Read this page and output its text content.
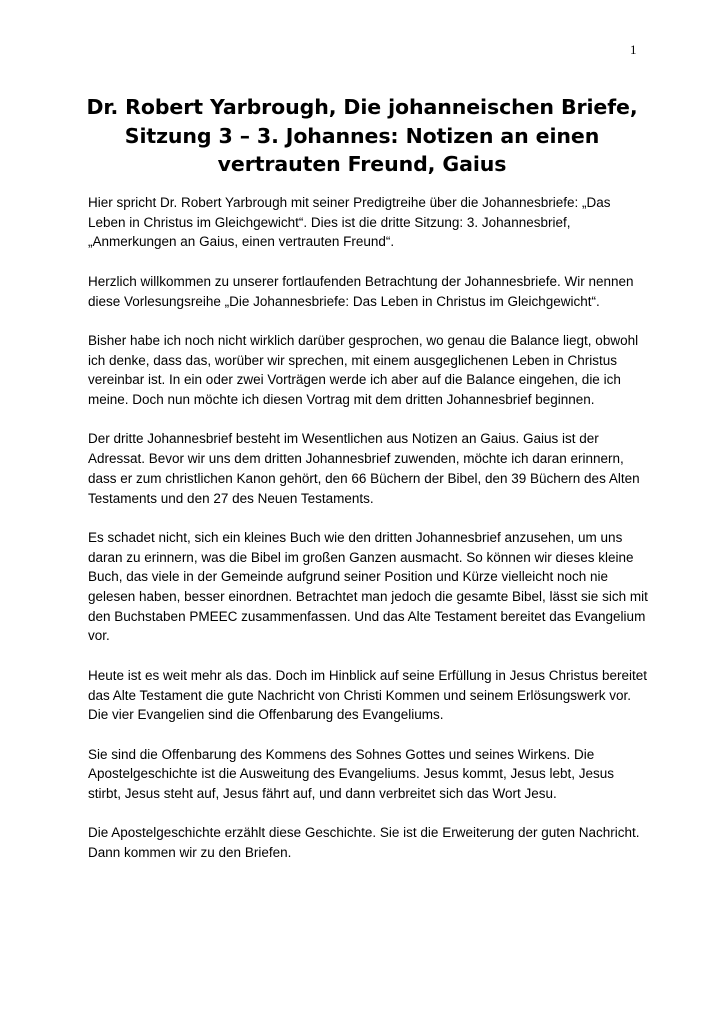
1
Dr. Robert Yarbrough, Die johanneischen Briefe, Sitzung 3 – 3. Johannes: Notizen an einen vertrauten Freund, Gaius

Hier spricht Dr. Robert Yarbrough mit seiner Predigtreihe über die Johannesbriefe: „Das Leben in Christus im Gleichgewicht“. Dies ist die dritte Sitzung: 3. Johannesbrief, „Anmerkungen an Gaius, einen vertrauten Freund“.

Herzlich willkommen zu unserer fortlaufenden Betrachtung der Johannesbriefe. Wir nennen diese Vorlesungsreihe „Die Johannesbriefe: Das Leben in Christus im Gleichgewicht“.

Bisher habe ich noch nicht wirklich darüber gesprochen, wo genau die Balance liegt, obwohl ich denke, dass das, worüber wir sprechen, mit einem ausgeglichenen Leben in Christus vereinbar ist. In ein oder zwei Vorträgen werde ich aber auf die Balance eingehen, die ich meine. Doch nun möchte ich diesen Vortrag mit dem dritten Johannesbrief beginnen.

Der dritte Johannesbrief besteht im Wesentlichen aus Notizen an Gaius. Gaius ist der Adressat. Bevor wir uns dem dritten Johannesbrief zuwenden, möchte ich daran erinnern, dass er zum christlichen Kanon gehört, den 66 Büchern der Bibel, den 39 Büchern des Alten Testaments und den 27 des Neuen Testaments.

Es schadet nicht, sich ein kleines Buch wie den dritten Johannesbrief anzusehen, um uns daran zu erinnern, was die Bibel im großen Ganzen ausmacht. So können wir dieses kleine Buch, das viele in der Gemeinde aufgrund seiner Position und Kürze vielleicht noch nie gelesen haben, besser einordnen. Betrachtet man jedoch die gesamte Bibel, lässt sie sich mit den Buchstaben PMEEC zusammenfassen. Und das Alte Testament bereitet das Evangelium vor.

Heute ist es weit mehr als das. Doch im Hinblick auf seine Erfüllung in Jesus Christus bereitet das Alte Testament die gute Nachricht von Christi Kommen und seinem Erlösungswerk vor. Die vier Evangelien sind die Offenbarung des Evangeliums.

Sie sind die Offenbarung des Kommens des Sohnes Gottes und seines Wirkens. Die Apostelgeschichte ist die Ausweitung des Evangeliums. Jesus kommt, Jesus lebt, Jesus stirbt, Jesus steht auf, Jesus fährt auf, und dann verbreitet sich das Wort Jesu.

Die Apostelgeschichte erzählt diese Geschichte. Sie ist die Erweiterung der guten Nachricht. Dann kommen wir zu den Briefen.
